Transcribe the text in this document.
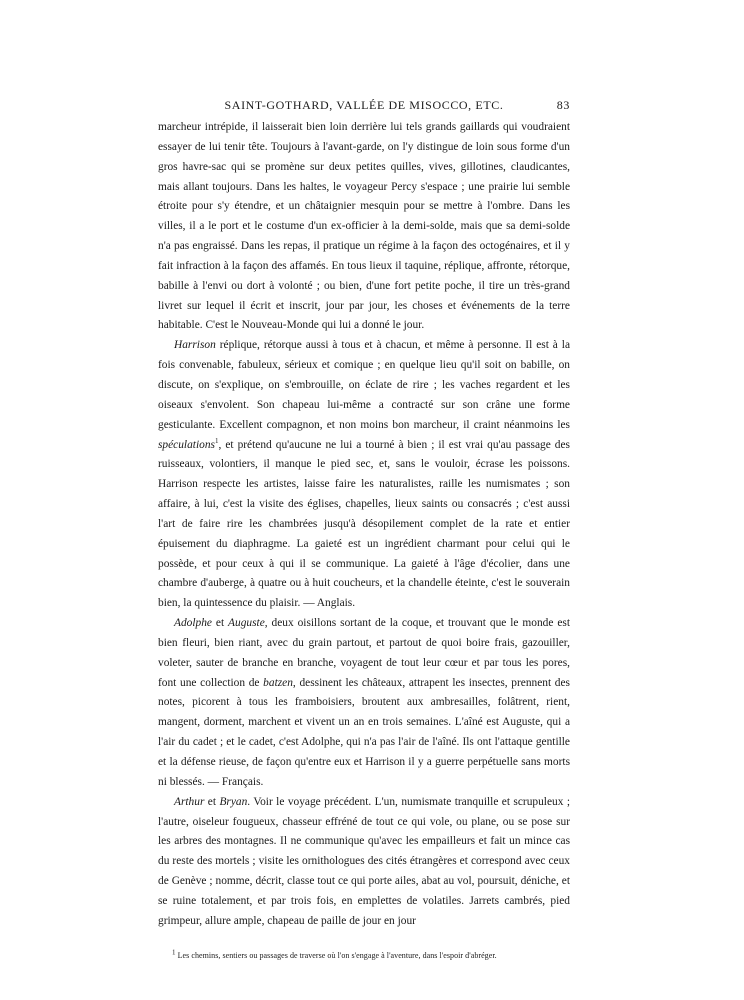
SAINT-GOTHARD, VALLÉE DE MISOCCO, ETC.	83

marcheur intrépide, il laisserait bien loin derrière lui tels grands gaillards qui voudraient essayer de lui tenir tête. Toujours à l'avant-garde, on l'y distingue de loin sous forme d'un gros havre-sac qui se promène sur deux petites quilles, vives, gillotines, claudicantes, mais allant toujours. Dans les haltes, le voyageur Percy s'espace ; une prairie lui semble étroite pour s'y étendre, et un châtaignier mesquin pour se mettre à l'ombre. Dans les villes, il a le port et le costume d'un ex-officier à la demi-solde, mais que sa demi-solde n'a pas engraissé. Dans les repas, il pratique un régime à la façon des octogénaires, et il y fait infraction à la façon des affamés. En tous lieux il taquine, réplique, affronte, rétorque, babille à l'envi ou dort à volonté ; ou bien, d'une fort petite poche, il tire un très-grand livret sur lequel il écrit et inscrit, jour par jour, les choses et événements de la terre habitable. C'est le Nouveau-Monde qui lui a donné le jour.

Harrison réplique, rétorque aussi à tous et à chacun, et même à personne. Il est à la fois convenable, fabuleux, sérieux et comique ; en quelque lieu qu'il soit on babille, on discute, on s'explique, on s'embrouille, on éclate de rire ; les vaches regardent et les oiseaux s'envolent. Son chapeau lui-même a contracté sur son crâne une forme gesticulante. Excellent compagnon, et non moins bon marcheur, il craint néanmoins les spéculations$^1$, et prétend qu'aucune ne lui a tourné à bien ; il est vrai qu'au passage des ruisseaux, volontiers, il manque le pied sec, et, sans le vouloir, écrase les poissons. Harrison respecte les artistes, laisse faire les naturalistes, raille les numismates ; son affaire, à lui, c'est la visite des églises, chapelles, lieux saints ou consacrés ; c'est aussi l'art de faire rire les chambrées jusqu'à désopilement complet de la rate et entier épuisement du diaphragme. La gaieté est un ingrédient charmant pour celui qui le possède, et pour ceux à qui il se communique. La gaieté à l'âge d'écolier, dans une chambre d'auberge, à quatre ou à huit coucheurs, et la chandelle éteinte, c'est le souverain bien, la quintessence du plaisir. — Anglais.

Adolphe et Auguste, deux oisillons sortant de la coque, et trouvant que le monde est bien fleuri, bien riant, avec du grain partout, et partout de quoi boire frais, gazouiller, voleter, sauter de branche en branche, voyagent de tout leur cœur et par tous les pores, font une collection de batzen, dessinent les châteaux, attrapent les insectes, prennent des notes, picorent à tous les framboisiers, broutent aux ambresailles, folâtrent, rient, mangent, dorment, marchent et vivent un an en trois semaines. L'aîné est Auguste, qui a l'air du cadet ; et le cadet, c'est Adolphe, qui n'a pas l'air de l'aîné. Ils ont l'attaque gentille et la défense rieuse, de façon qu'entre eux et Harrison il y a guerre perpétuelle sans morts ni blessés. — Français.

Arthur et Bryan. Voir le voyage précédent. L'un, numismate tranquille et scrupuleux ; l'autre, oiseleur fougueux, chasseur effréné de tout ce qui vole, ou plane, ou se pose sur les arbres des montagnes. Il ne communique qu'avec les empailleurs et fait un mince cas du reste des mortels ; visite les ornithologues des cités étrangères et correspond avec ceux de Genève ; nomme, décrit, classe tout ce qui porte ailes, abat au vol, poursuit, déniche, et se ruine totalement, et par trois fois, en emplettes de volatiles. Jarrets cambrés, pied grimpeur, allure ample, chapeau de paille de jour en jour

$^1$ Les chemins, sentiers ou passages de traverse où l'on s'engage à l'aventure, dans l'espoir d'abréger.
